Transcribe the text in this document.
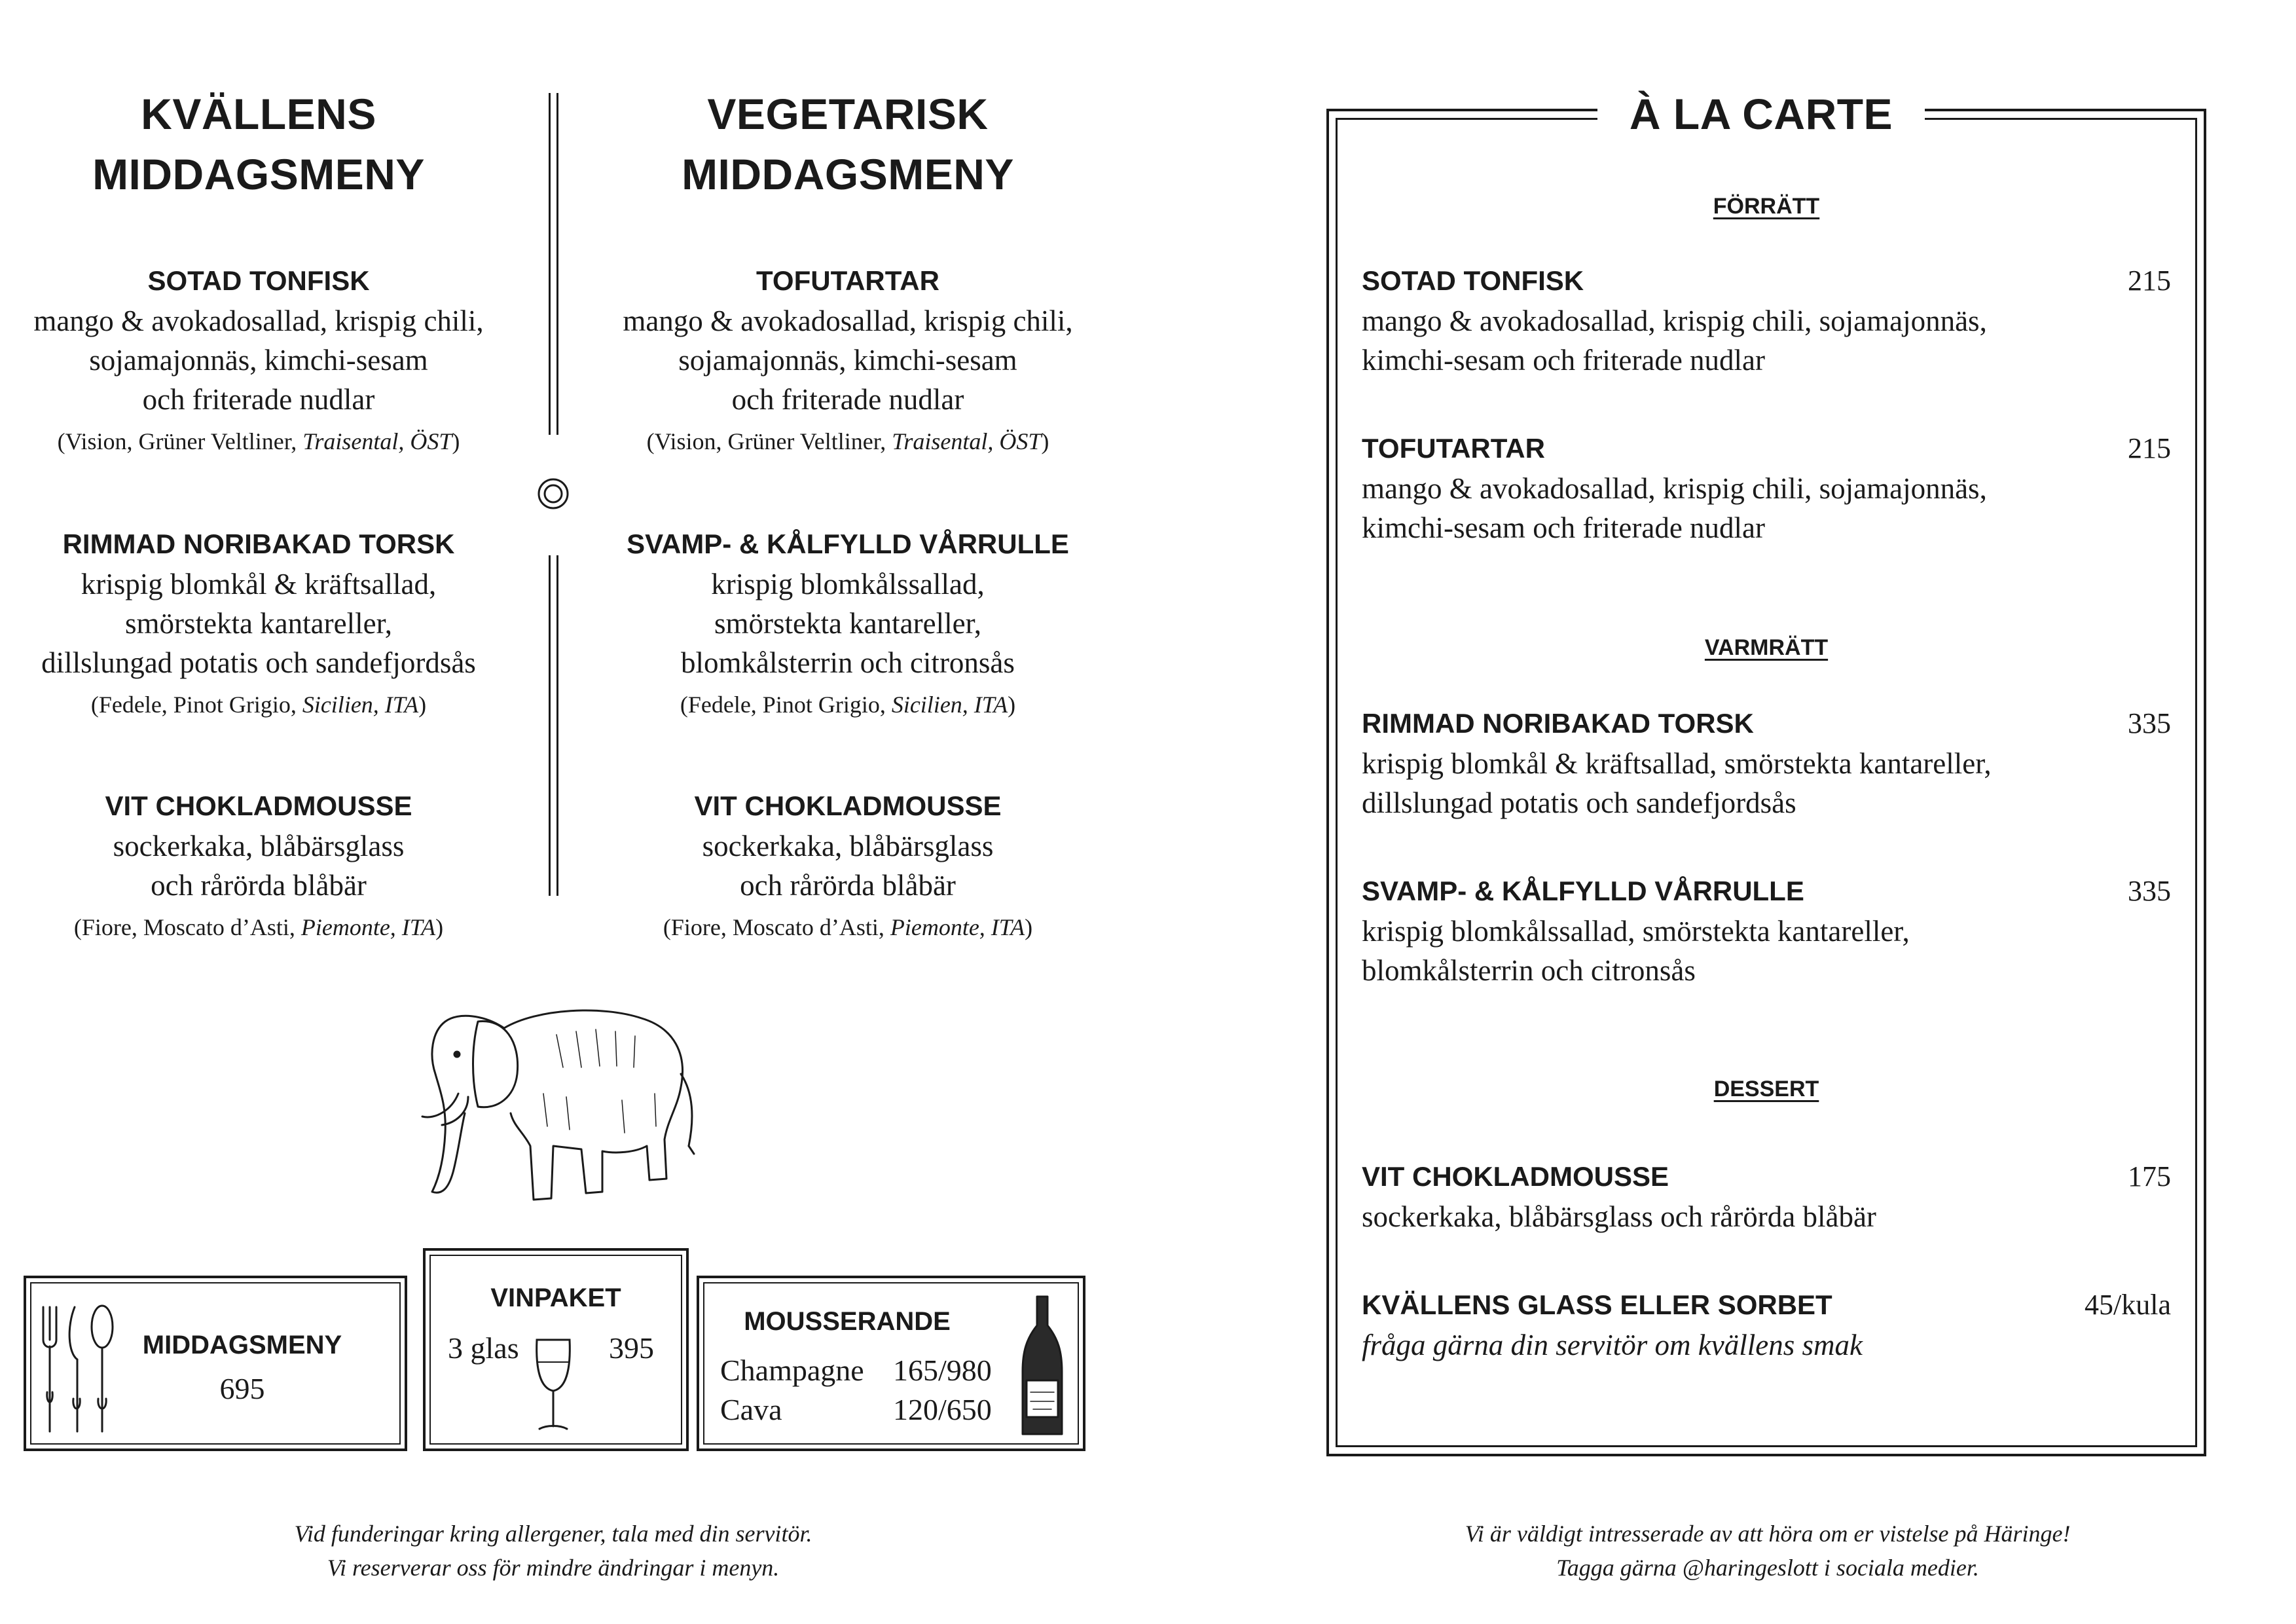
KVÄLLENS
MIDDAGSMENY
VEGETARISK
MIDDAGSMENY
SOTAD TONFISK
mango & avokadosallad, krispig chili,
sojamajonnäs, kimchi-sesam
och friterade nudlar
(Vision, Grüner Veltliner, Traisental, ÖST)
RIMMAD NORIBAKAD TORSK
krispig blomkål & kräftsallad,
smörstekta kantareller,
dillslungad potatis och sandefjordsås
(Fedele, Pinot Grigio, Sicilien, ITA)
VIT CHOKLADMOUSSE
sockerkaka, blåbärsglass
och rårörda blåbär
(Fiore, Moscato d’Asti, Piemonte, ITA)
TOFUTARTAR
mango & avokadosallad, krispig chili,
sojamajonnäs, kimchi-sesam
och friterade nudlar
(Vision, Grüner Veltliner, Traisental, ÖST)
SVAMP- & KÅLFYLLD VÅRRULLE
krispig blomkålssallad,
smörstekta kantareller,
blomkålsterrin och citronsås
(Fedele, Pinot Grigio, Sicilien, ITA)
VIT CHOKLADMOUSSE
sockerkaka, blåbärsglass
och rårörda blåbär
(Fiore, Moscato d’Asti, Piemonte, ITA)
MIDDAGSMENY
695
VINPAKET
3 glas	395
MOUSSERANDE
Champagne 165/980
Cava	120/650
Vid funderingar kring allergener, tala med din servitör.
Vi reserverar oss för mindre ändringar i menyn.
À LA CARTE
FÖRRÄTT
VARMRÄTT
DESSERT
SOTAD TONFISK	215
mango & avokadosallad, krispig chili, sojamajonnäs,
kimchi-sesam och friterade nudlar
TOFUTARTAR	215
mango & avokadosallad, krispig chili, sojamajonnäs,
kimchi-sesam och friterade nudlar
RIMMAD NORIBAKAD TORSK	335
krispig blomkål & kräftsallad, smörstekta kantareller,
dillslungad potatis och sandefjordsås
SVAMP- & KÅLFYLLD VÅRRULLE	335
krispig blomkålssallad, smörstekta kantareller,
blomkålsterrin och citronsås
VIT CHOKLADMOUSSE	175
sockerkaka, blåbärsglass och rårörda blåbär
KVÄLLENS GLASS ELLER SORBET	45/kula
fråga gärna din servitör om kvällens smak
Vi är väldigt intresserade av att höra om er vistelse på Häringe!
Tagga gärna @haringeslott i sociala medier.
